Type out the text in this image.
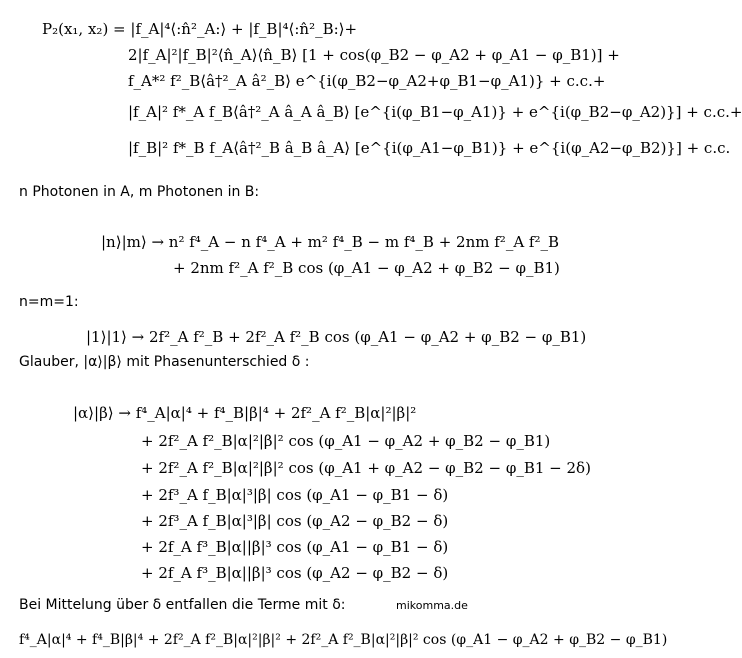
P₂(x₁, x₂) = |f_A|⁴⟨:n̂²_A:⟩ + |f_B|⁴⟨:n̂²_B:⟩+
2|f_A|²|f_B|²⟨n̂_A⟩⟨n̂_B⟩ [1 + cos(φ_B2 − φ_A2 + φ_A1 − φ_B1)] +
f_A*² f²_B⟨â†²_A â²_B⟩ e^{i(φ_B2−φ_A2+φ_B1−φ_A1)} + c.c.+
|f_A|² f*_A f_B⟨â†²_A â_A â_B⟩ [e^{i(φ_B1−φ_A1)} + e^{i(φ_B2−φ_A2)}] + c.c.+
|f_B|² f*_B f_A⟨â†²_B â_B â_A⟩ [e^{i(φ_A1−φ_B1)} + e^{i(φ_A2−φ_B2)}] + c.c.
n Photonen in A, m Photonen in B:
|n⟩|m⟩ → n² f⁴_A − n f⁴_A + m² f⁴_B − m f⁴_B + 2nm f²_A f²_B
+ 2nm f²_A f²_B cos (φ_A1 − φ_A2 + φ_B2 − φ_B1)
n=m=1:
|1⟩|1⟩ → 2f²_A f²_B + 2f²_A f²_B cos (φ_A1 − φ_A2 + φ_B2 − φ_B1)
Glauber, |α⟩|β⟩ mit Phasenunterschied δ :
|α⟩|β⟩ → f⁴_A|α|⁴ + f⁴_B|β|⁴ + 2f²_A f²_B|α|²|β|²
+ 2f²_A f²_B|α|²|β|² cos (φ_A1 − φ_A2 + φ_B2 − φ_B1)
+ 2f²_A f²_B|α|²|β|² cos (φ_A1 + φ_A2 − φ_B2 − φ_B1 − 2δ)
+ 2f³_A f_B|α|³|β| cos (φ_A1 − φ_B1 − δ)
+ 2f³_A f_B|α|³|β| cos (φ_A2 − φ_B2 − δ)
+ 2f_A f³_B|α||β|³ cos (φ_A1 − φ_B1 − δ)
+ 2f_A f³_B|α||β|³ cos (φ_A2 − φ_B2 − δ)
Bei Mittelung über δ entfallen die Terme mit δ:	mikomma.de
f⁴_A|α|⁴ + f⁴_B|β|⁴ + 2f²_A f²_B|α|²|β|² + 2f²_A f²_B|α|²|β|² cos (φ_A1 − φ_A2 + φ_B2 − φ_B1)
